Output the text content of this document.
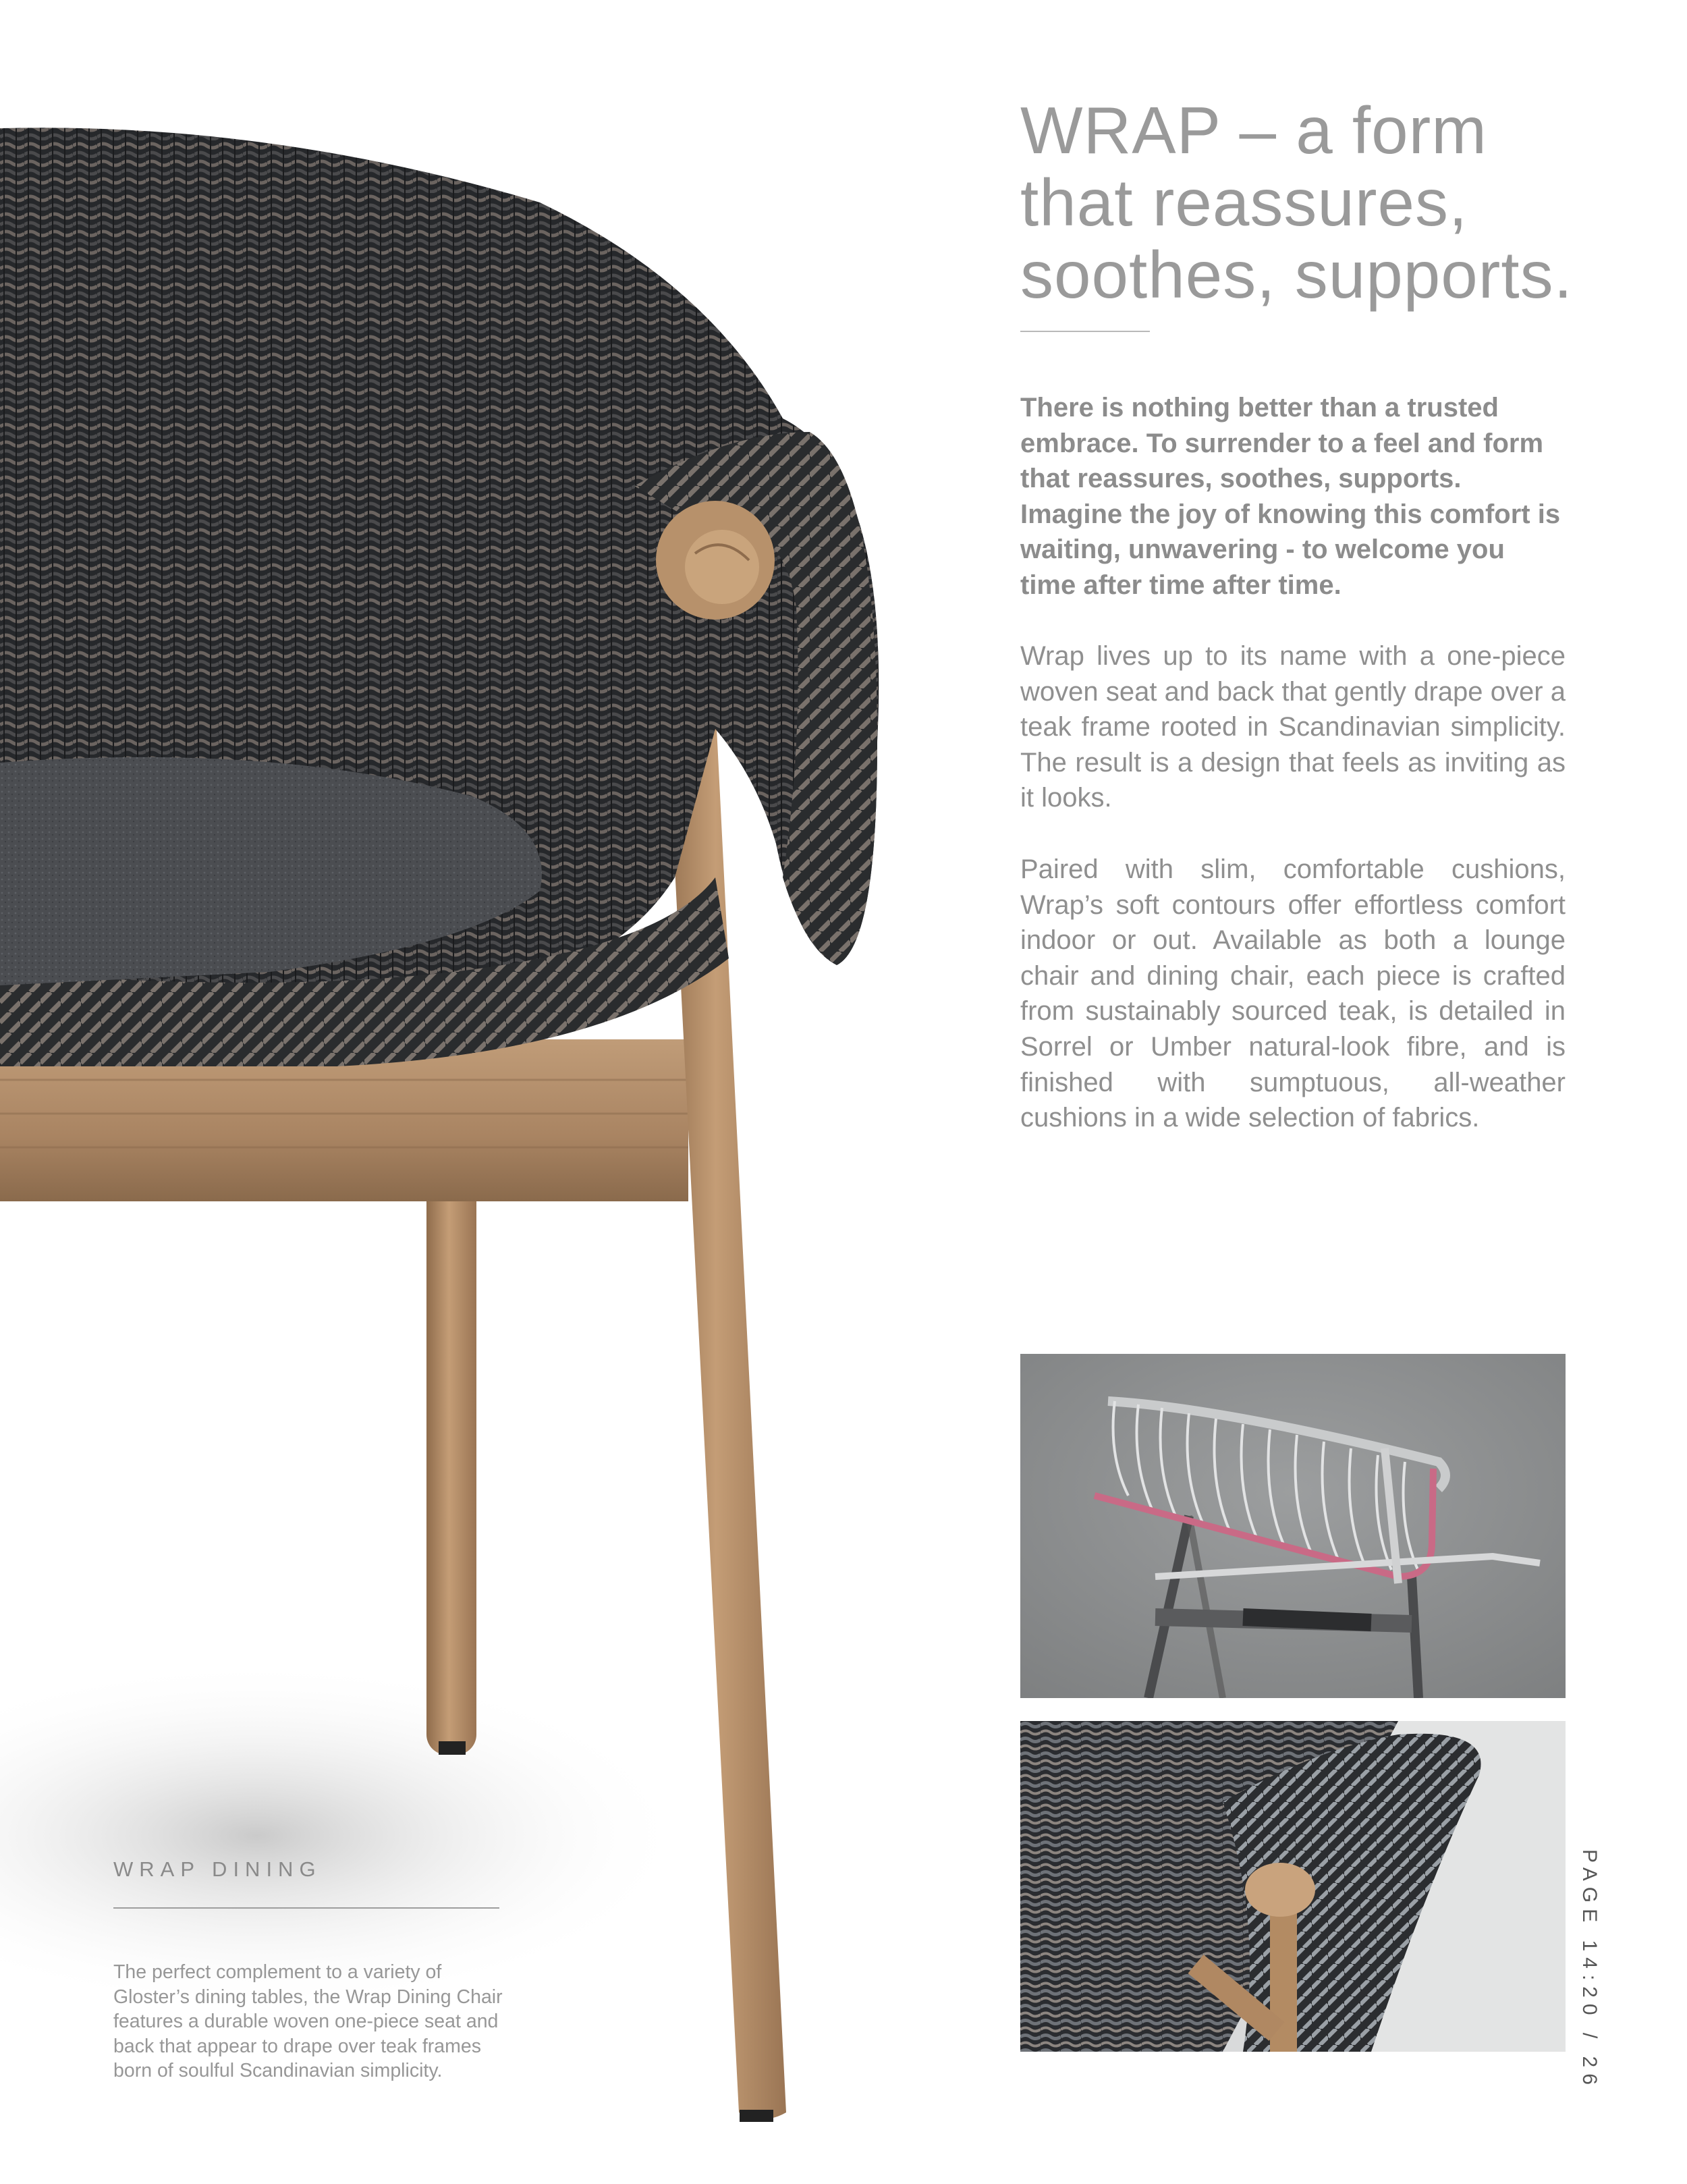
WRAP – a form
that reassures,
soothes, supports.

There is nothing better than a trusted embrace. To surrender to a feel and form that reassures, soothes, supports. Imagine the joy of knowing this comfort is waiting, unwavering - to welcome you time after time after time.

Wrap lives up to its name with a one-piece woven seat and back that gently drape over a teak frame rooted in Scandinavian simplicity. The result is a design that feels as inviting as it looks.

Paired with slim, comfortable cushions, Wrap’s soft contours offer effortless comfort indoor or out. Available as both a lounge chair and dining chair, each piece is crafted from sustainably sourced teak, is detailed in Sorrel or Umber natural-look fibre, and is finished with sumptuous, all-weather cushions in a wide selection of fabrics.

PAGE 14:20 / 26
WRAP DINING

The perfect complement to a variety of Gloster’s dining tables, the Wrap Dining Chair features a durable woven one-piece seat and back that appear to drape over teak frames born of soulful Scandinavian simplicity.
